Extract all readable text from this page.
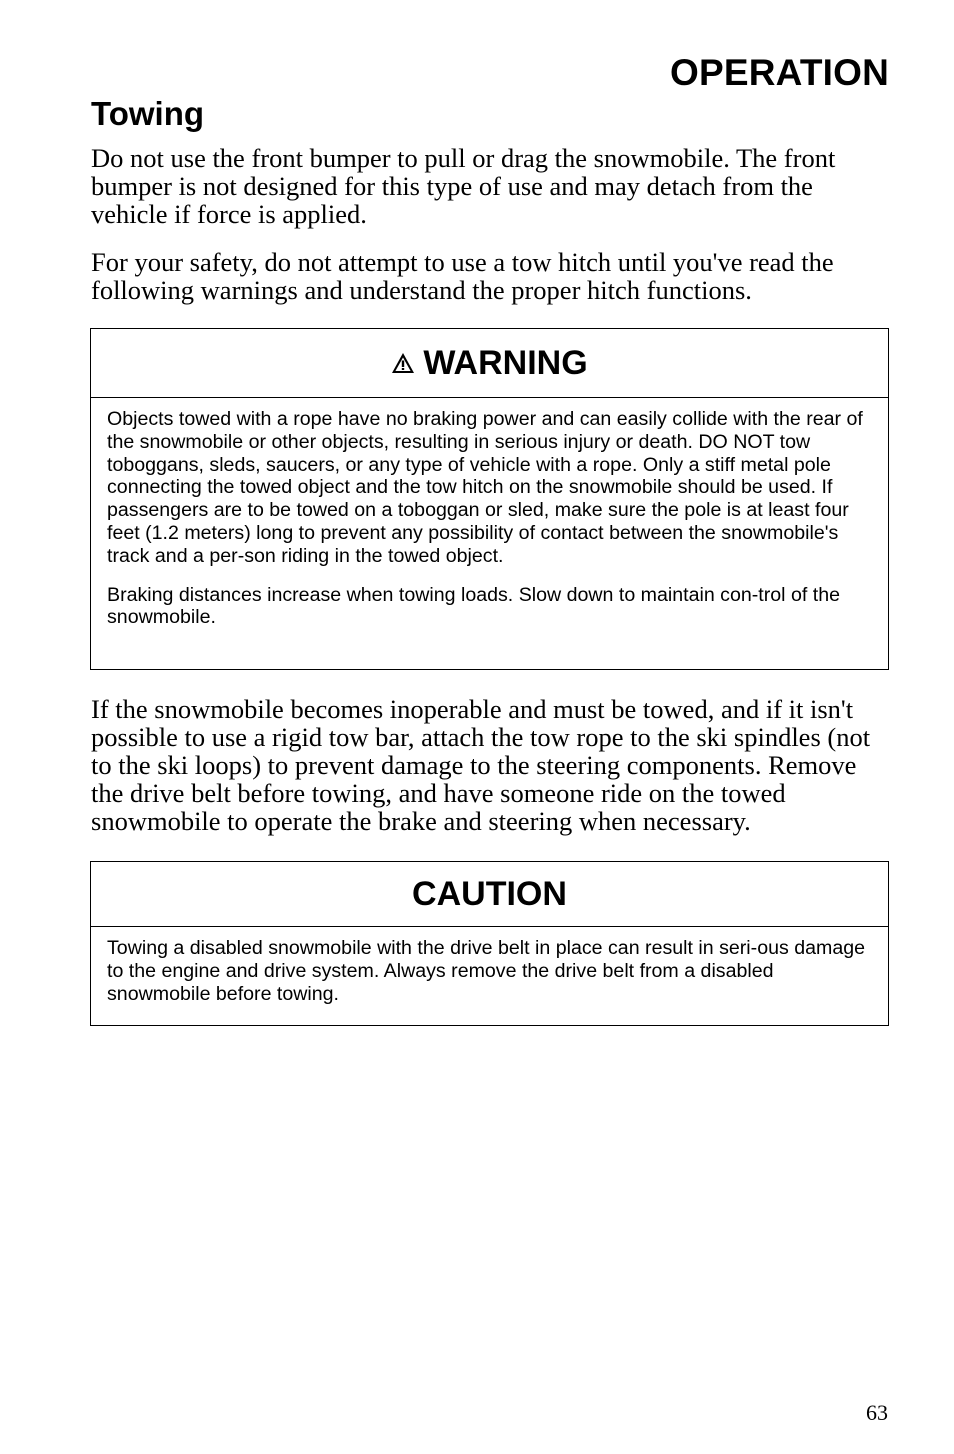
OPERATION
Towing

Do not use the front bumper to pull or drag the snowmobile. The front bumper is not designed for this type of use and may detach from the vehicle if force is applied.

For your safety, do not attempt to use a tow hitch until you've read the following warnings and understand the proper hitch functions.

WARNING

Objects towed with a rope have no braking power and can easily collide with the rear of the snowmobile or other objects, resulting in serious injury or death. DO NOT tow toboggans, sleds, saucers, or any type of vehicle with a rope. Only a stiff metal pole connecting the towed object and the tow hitch on the snowmobile should be used. If passengers are to be towed on a toboggan or sled, make sure the pole is at least four feet (1.2 meters) long to prevent any possibility of contact between the snowmobile's track and a per-son riding in the towed object.

Braking distances increase when towing loads. Slow down to maintain con-trol of the snowmobile.

If the snowmobile becomes inoperable and must be towed, and if it isn't possible to use a rigid tow bar, attach the tow rope to the ski spindles (not to the ski loops) to prevent damage to the steering components. Remove the drive belt before towing, and have someone ride on the towed snowmobile to operate the brake and steering when necessary.

CAUTION

Towing a disabled snowmobile with the drive belt in place can result in seri-ous damage to the engine and drive system. Always remove the drive belt from a disabled snowmobile before towing.

63
